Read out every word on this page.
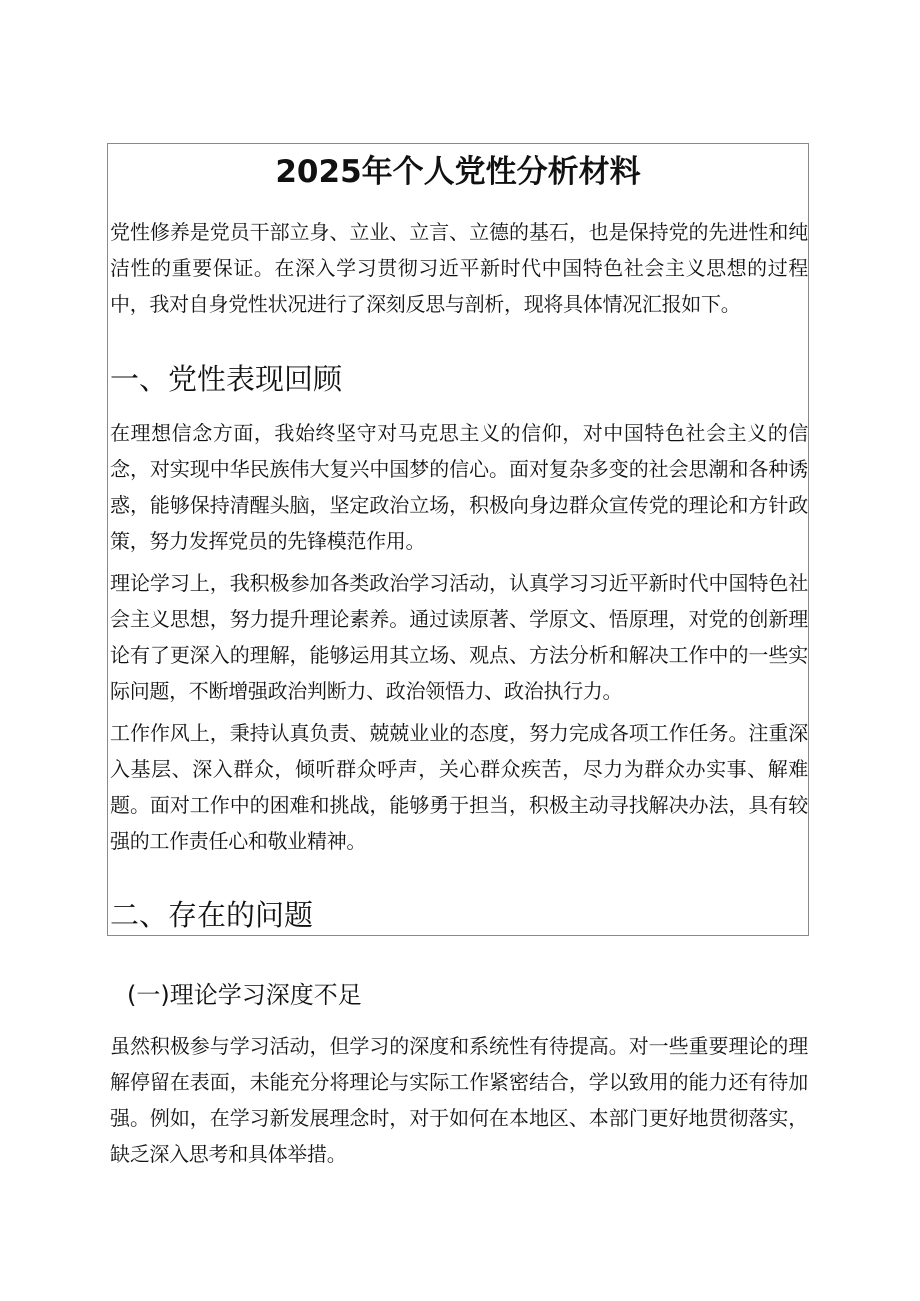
2025年个人党性分析材料

党性修养是党员干部立身、立业、立言、立德的基石，也是保持党的先进性和纯洁性的重要保证。在深入学习贯彻习近平新时代中国特色社会主义思想的过程中，我对自身党性状况进行了深刻反思与剖析，现将具体情况汇报如下。

一、党性表现回顾

在理想信念方面，我始终坚守对马克思主义的信仰，对中国特色社会主义的信念，对实现中华民族伟大复兴中国梦的信心。面对复杂多变的社会思潮和各种诱惑，能够保持清醒头脑，坚定政治立场，积极向身边群众宣传党的理论和方针政策，努力发挥党员的先锋模范作用。

理论学习上，我积极参加各类政治学习活动，认真学习习近平新时代中国特色社会主义思想，努力提升理论素养。通过读原著、学原文、悟原理，对党的创新理论有了更深入的理解，能够运用其立场、观点、方法分析和解决工作中的一些实际问题，不断增强政治判断力、政治领悟力、政治执行力。

工作作风上，秉持认真负责、兢兢业业的态度，努力完成各项工作任务。注重深入基层、深入群众，倾听群众呼声，关心群众疾苦，尽力为群众办实事、解难题。面对工作中的困难和挑战，能够勇于担当，积极主动寻找解决办法，具有较强的工作责任心和敬业精神。

二、存在的问题
(一)理论学习深度不足

虽然积极参与学习活动，但学习的深度和系统性有待提高。对一些重要理论的理解停留在表面，未能充分将理论与实际工作紧密结合，学以致用的能力还有待加强。例如，在学习新发展理念时，对于如何在本地区、本部门更好地贯彻落实，缺乏深入思考和具体举措。
